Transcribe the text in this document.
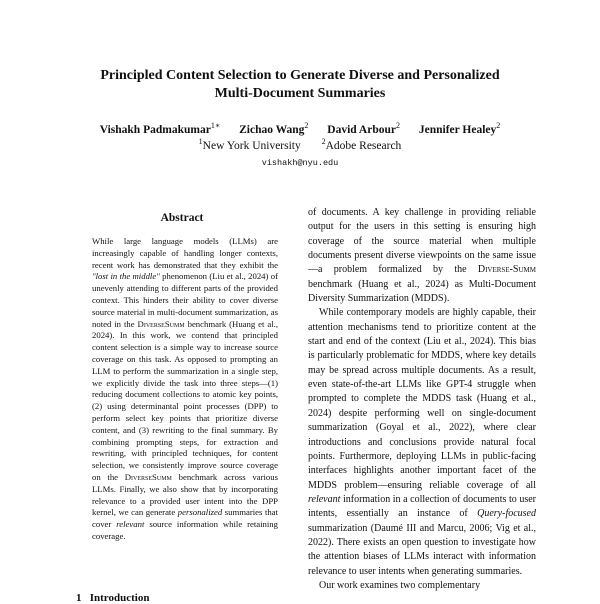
Principled Content Selection to Generate Diverse and Personalized
Multi-Document Summaries
Vishakh Padmakumar$^{1∗}$ Zichao Wang$^2$ David Arbour$^2$ Jennifer Healey$^2$
$^1$New York University	$^2$Adobe Research
vishakh@nyu.edu
Abstract
While large language models (LLMs) are increasingly capable of handling longer contexts, recent work has demonstrated that they exhibit the "lost in the middle" phenomenon (Liu et al., 2024) of unevenly attending to different parts of the provided context. This hinders their ability to cover diverse source material in multi-document summarization, as noted in the DiverseSumm benchmark (Huang et al., 2024). In this work, we contend that principled content selection is a simple way to increase source coverage on this task. As opposed to prompting an LLM to perform the summarization in a single step, we explicitly divide the task into three steps—(1) reducing document collections to atomic key points, (2) using determinantal point processes (DPP) to perform select key points that prioritize diverse content, and (3) rewriting to the final summary. By combining prompting steps, for extraction and rewriting, with principled techniques, for content selection, we consistently improve source coverage on the DiverseSumm benchmark across various LLMs. Finally, we also show that by incorporating relevance to a provided user intent into the DPP kernel, we can generate personalized summaries that cover relevant source information while retaining coverage.

of documents. A key challenge in providing reliable output for the users in this setting is ensuring high coverage of the source material when multiple documents present diverse viewpoints on the same issue—a problem formalized by the Diverse-Summ benchmark (Huang et al., 2024) as Multi-Document Diversity Summarization (MDDS).

While contemporary models are highly capable, their attention mechanisms tend to prioritize content at the start and end of the context (Liu et al., 2024). This bias is particularly problematic for MDDS, where key details may be spread across multiple documents. As a result, even state-of-the-art LLMs like GPT-4 struggle when prompted to complete the MDDS task (Huang et al., 2024) despite performing well on single-document summarization (Goyal et al., 2022), where clear introductions and conclusions provide natural focal points. Furthermore, deploying LLMs in public-facing interfaces highlights another important facet of the MDDS problem—ensuring reliable coverage of all relevant information in a collection of documents to user intents, essentially an instance of Query-focused summarization (Daumé III and Marcu, 2006; Vig et al., 2022). There exists an open question to investigate how the attention biases of LLMs interact with information relevance to user intents when generating summaries.

Our work examines two complementary

1 Introduction
